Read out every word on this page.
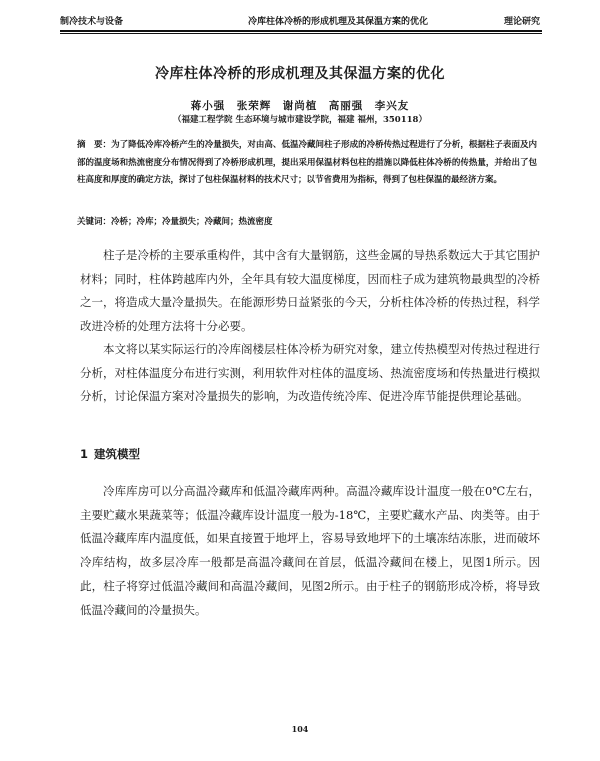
制冷技术与设备	冷库柱体冷桥的形成机理及其保温方案的优化	理论研究
冷库柱体冷桥的形成机理及其保温方案的优化
蒋小强　张荣辉　谢尚植　高丽强　李兴友
（福建工程学院 生态环境与城市建设学院，福建 福州，350118）
摘　要：为了降低冷库冷桥产生的冷量损失，对由高、低温冷藏间柱子形成的冷桥传热过程进行了分析，根据柱子表面及内部的温度场和热流密度分布情况得到了冷桥形成机理，提出采用保温材料包柱的措施以降低柱体冷桥的传热量，并给出了包柱高度和厚度的确定方法，探讨了包柱保温材料的技术尺寸；以节省费用为指标，得到了包柱保温的最经济方案。
关键词：冷桥；冷库；冷量损失；冷藏间；热流密度
柱子是冷桥的主要承重构件，其中含有大量钢筋，这些金属的导热系数远大于其它围护材料；同时，柱体跨越库内外，全年具有较大温度梯度，因而柱子成为建筑物最典型的冷桥之一，将造成大量冷量损失。在能源形势日益紧张的今天，分析柱体冷桥的传热过程，科学改进冷桥的处理方法将十分必要。
本文将以某实际运行的冷库阁楼层柱体冷桥为研究对象，建立传热模型对传热过程进行分析，对柱体温度分布进行实测，利用软件对柱体的温度场、热流密度场和传热量进行模拟分析，讨论保温方案对冷量损失的影响，为改造传统冷库、促进冷库节能提供理论基础。
1 建筑模型
冷库库房可以分高温冷藏库和低温冷藏库两种。高温冷藏库设计温度一般在0℃左右，主要贮藏水果蔬菜等；低温冷藏库设计温度一般为-18℃，主要贮藏水产品、肉类等。由于低温冷藏库库内温度低，如果直接置于地坪上，容易导致地坪下的土壤冻结冻胀，进而破坏冷库结构，故多层冷库一般都是高温冷藏间在首层，低温冷藏间在楼上，见图1所示。因此，柱子将穿过低温冷藏间和高温冷藏间，见图2所示。由于柱子的钢筋形成冷桥，将导致低温冷藏间的冷量损失。
104
